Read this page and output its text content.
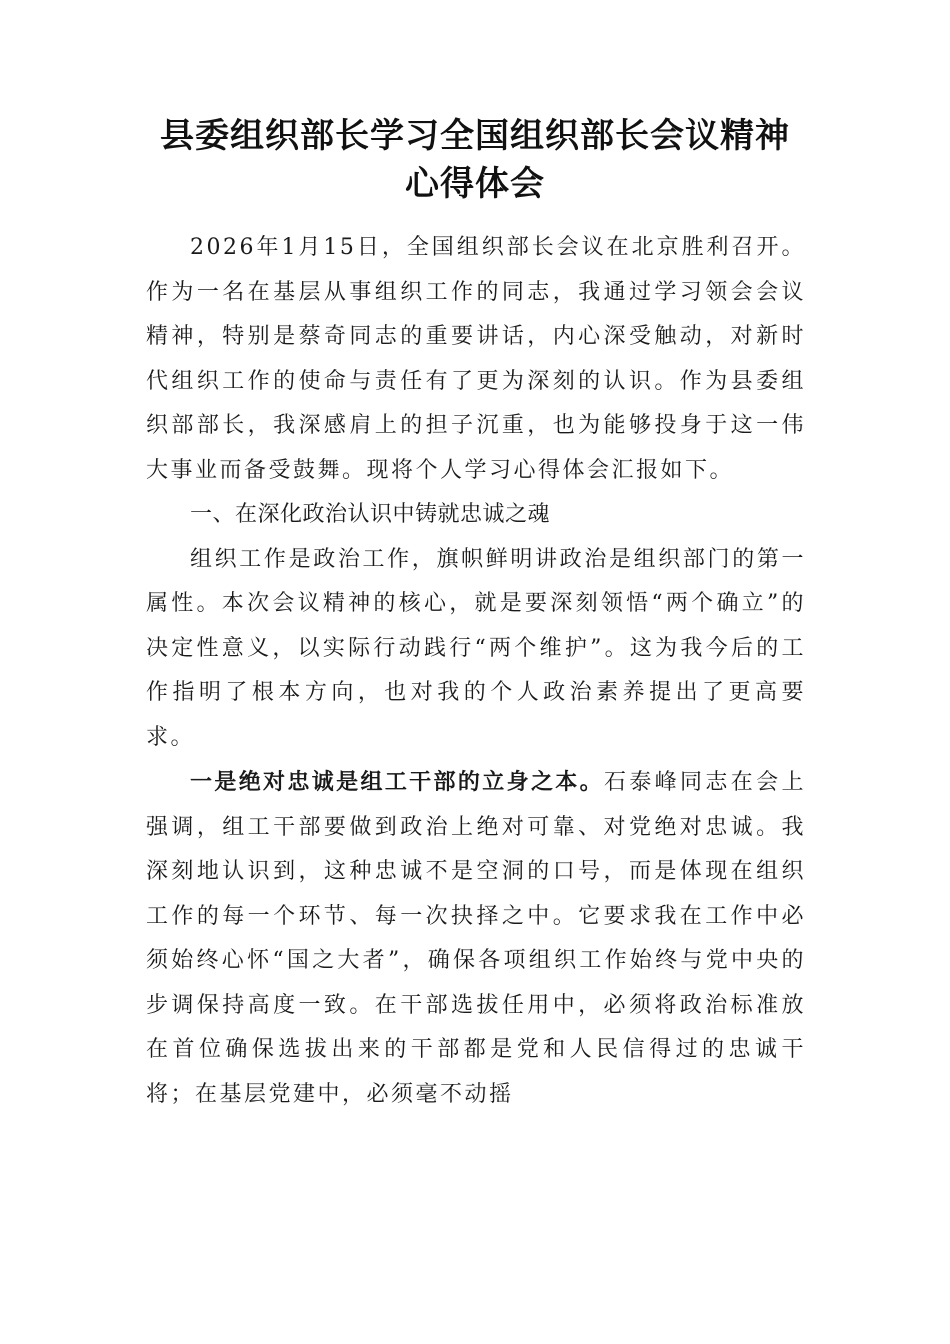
县委组织部长学习全国组织部长会议精神
心得体会

2026年1月15日，全国组织部长会议在北京胜利召开。作为一名在基层从事组织工作的同志，我通过学习领会会议精神，特别是蔡奇同志的重要讲话，内心深受触动，对新时代组织工作的使命与责任有了更为深刻的认识。作为县委组织部部长，我深感肩上的担子沉重，也为能够投身于这一伟大事业而备受鼓舞。现将个人学习心得体会汇报如下。

一、在深化政治认识中铸就忠诚之魂

组织工作是政治工作，旗帜鲜明讲政治是组织部门的第一属性。本次会议精神的核心，就是要深刻领悟“两个确立”的决定性意义，以实际行动践行“两个维护”。这为我今后的工作指明了根本方向，也对我的个人政治素养提出了更高要求。

一是绝对忠诚是组工干部的立身之本。石泰峰同志在会上强调，组工干部要做到政治上绝对可靠、对党绝对忠诚。我深刻地认识到，这种忠诚不是空洞的口号，而是体现在组织工作的每一个环节、每一次抉择之中。它要求我在工作中必须始终心怀“国之大者”，确保各项组织工作始终与党中央的步调保持高度一致。在干部选拔任用中，必须将政治标准放在首位确保选拔出来的干部都是党和人民信得过的忠诚干将；在基层党建中，必须毫不动摇
